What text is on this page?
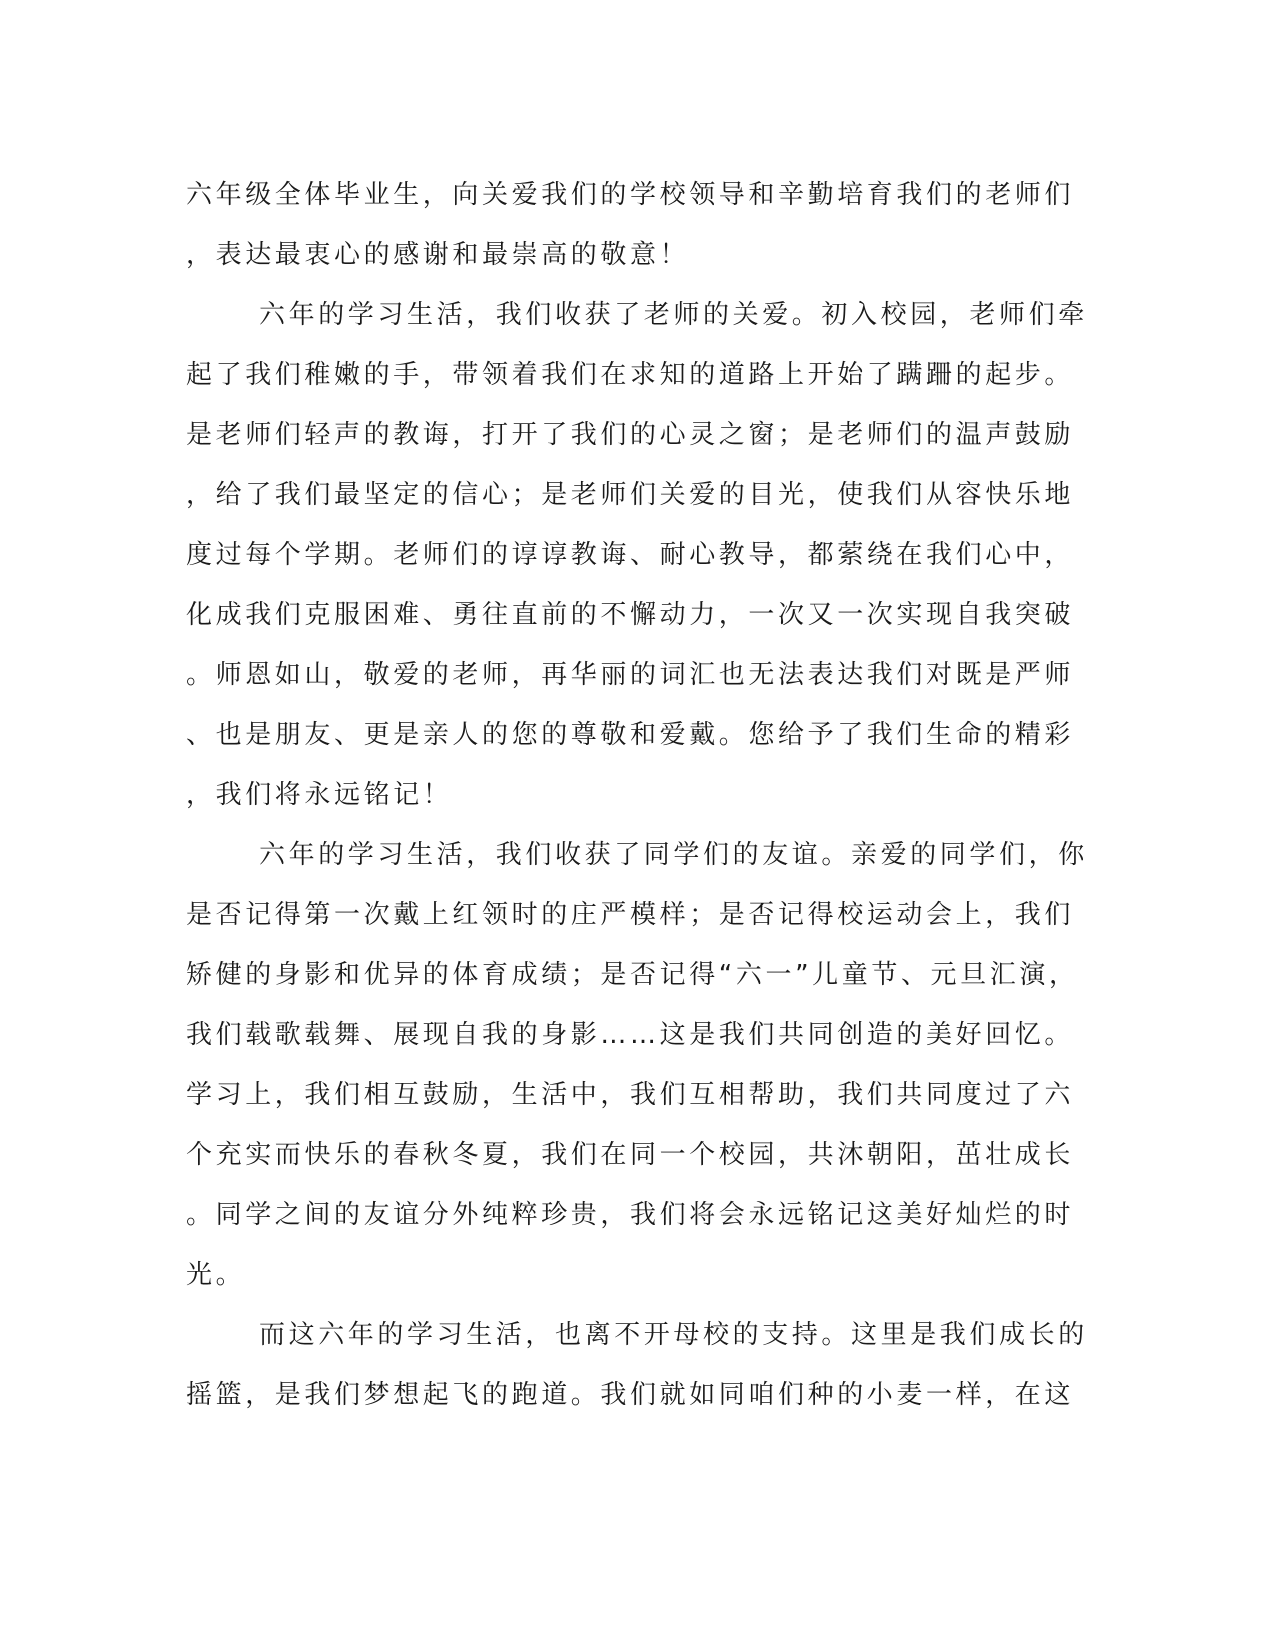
六年级全体毕业生，向关爱我们的学校领导和辛勤培育我们的老师们
，表达最衷心的感谢和最崇高的敬意！
六年的学习生活，我们收获了老师的关爱。初入校园，老师们牵
起了我们稚嫩的手，带领着我们在求知的道路上开始了蹒跚的起步。
是老师们轻声的教诲，打开了我们的心灵之窗；是老师们的温声鼓励
，给了我们最坚定的信心；是老师们关爱的目光，使我们从容快乐地
度过每个学期。老师们的谆谆教诲、耐心教导，都萦绕在我们心中，
化成我们克服困难、勇往直前的不懈动力，一次又一次实现自我突破
。师恩如山，敬爱的老师，再华丽的词汇也无法表达我们对既是严师
、也是朋友、更是亲人的您的尊敬和爱戴。您给予了我们生命的精彩
，我们将永远铭记！
六年的学习生活，我们收获了同学们的友谊。亲爱的同学们，你
是否记得第一次戴上红领时的庄严模样；是否记得校运动会上，我们
矫健的身影和优异的体育成绩；是否记得“六一”儿童节、元旦汇演，
我们载歌载舞、展现自我的身影……这是我们共同创造的美好回忆。
学习上，我们相互鼓励，生活中，我们互相帮助，我们共同度过了六
个充实而快乐的春秋冬夏，我们在同一个校园，共沐朝阳，茁壮成长
。同学之间的友谊分外纯粹珍贵，我们将会永远铭记这美好灿烂的时
光。
而这六年的学习生活，也离不开母校的支持。这里是我们成长的
摇篮，是我们梦想起飞的跑道。我们就如同咱们种的小麦一样，在这
